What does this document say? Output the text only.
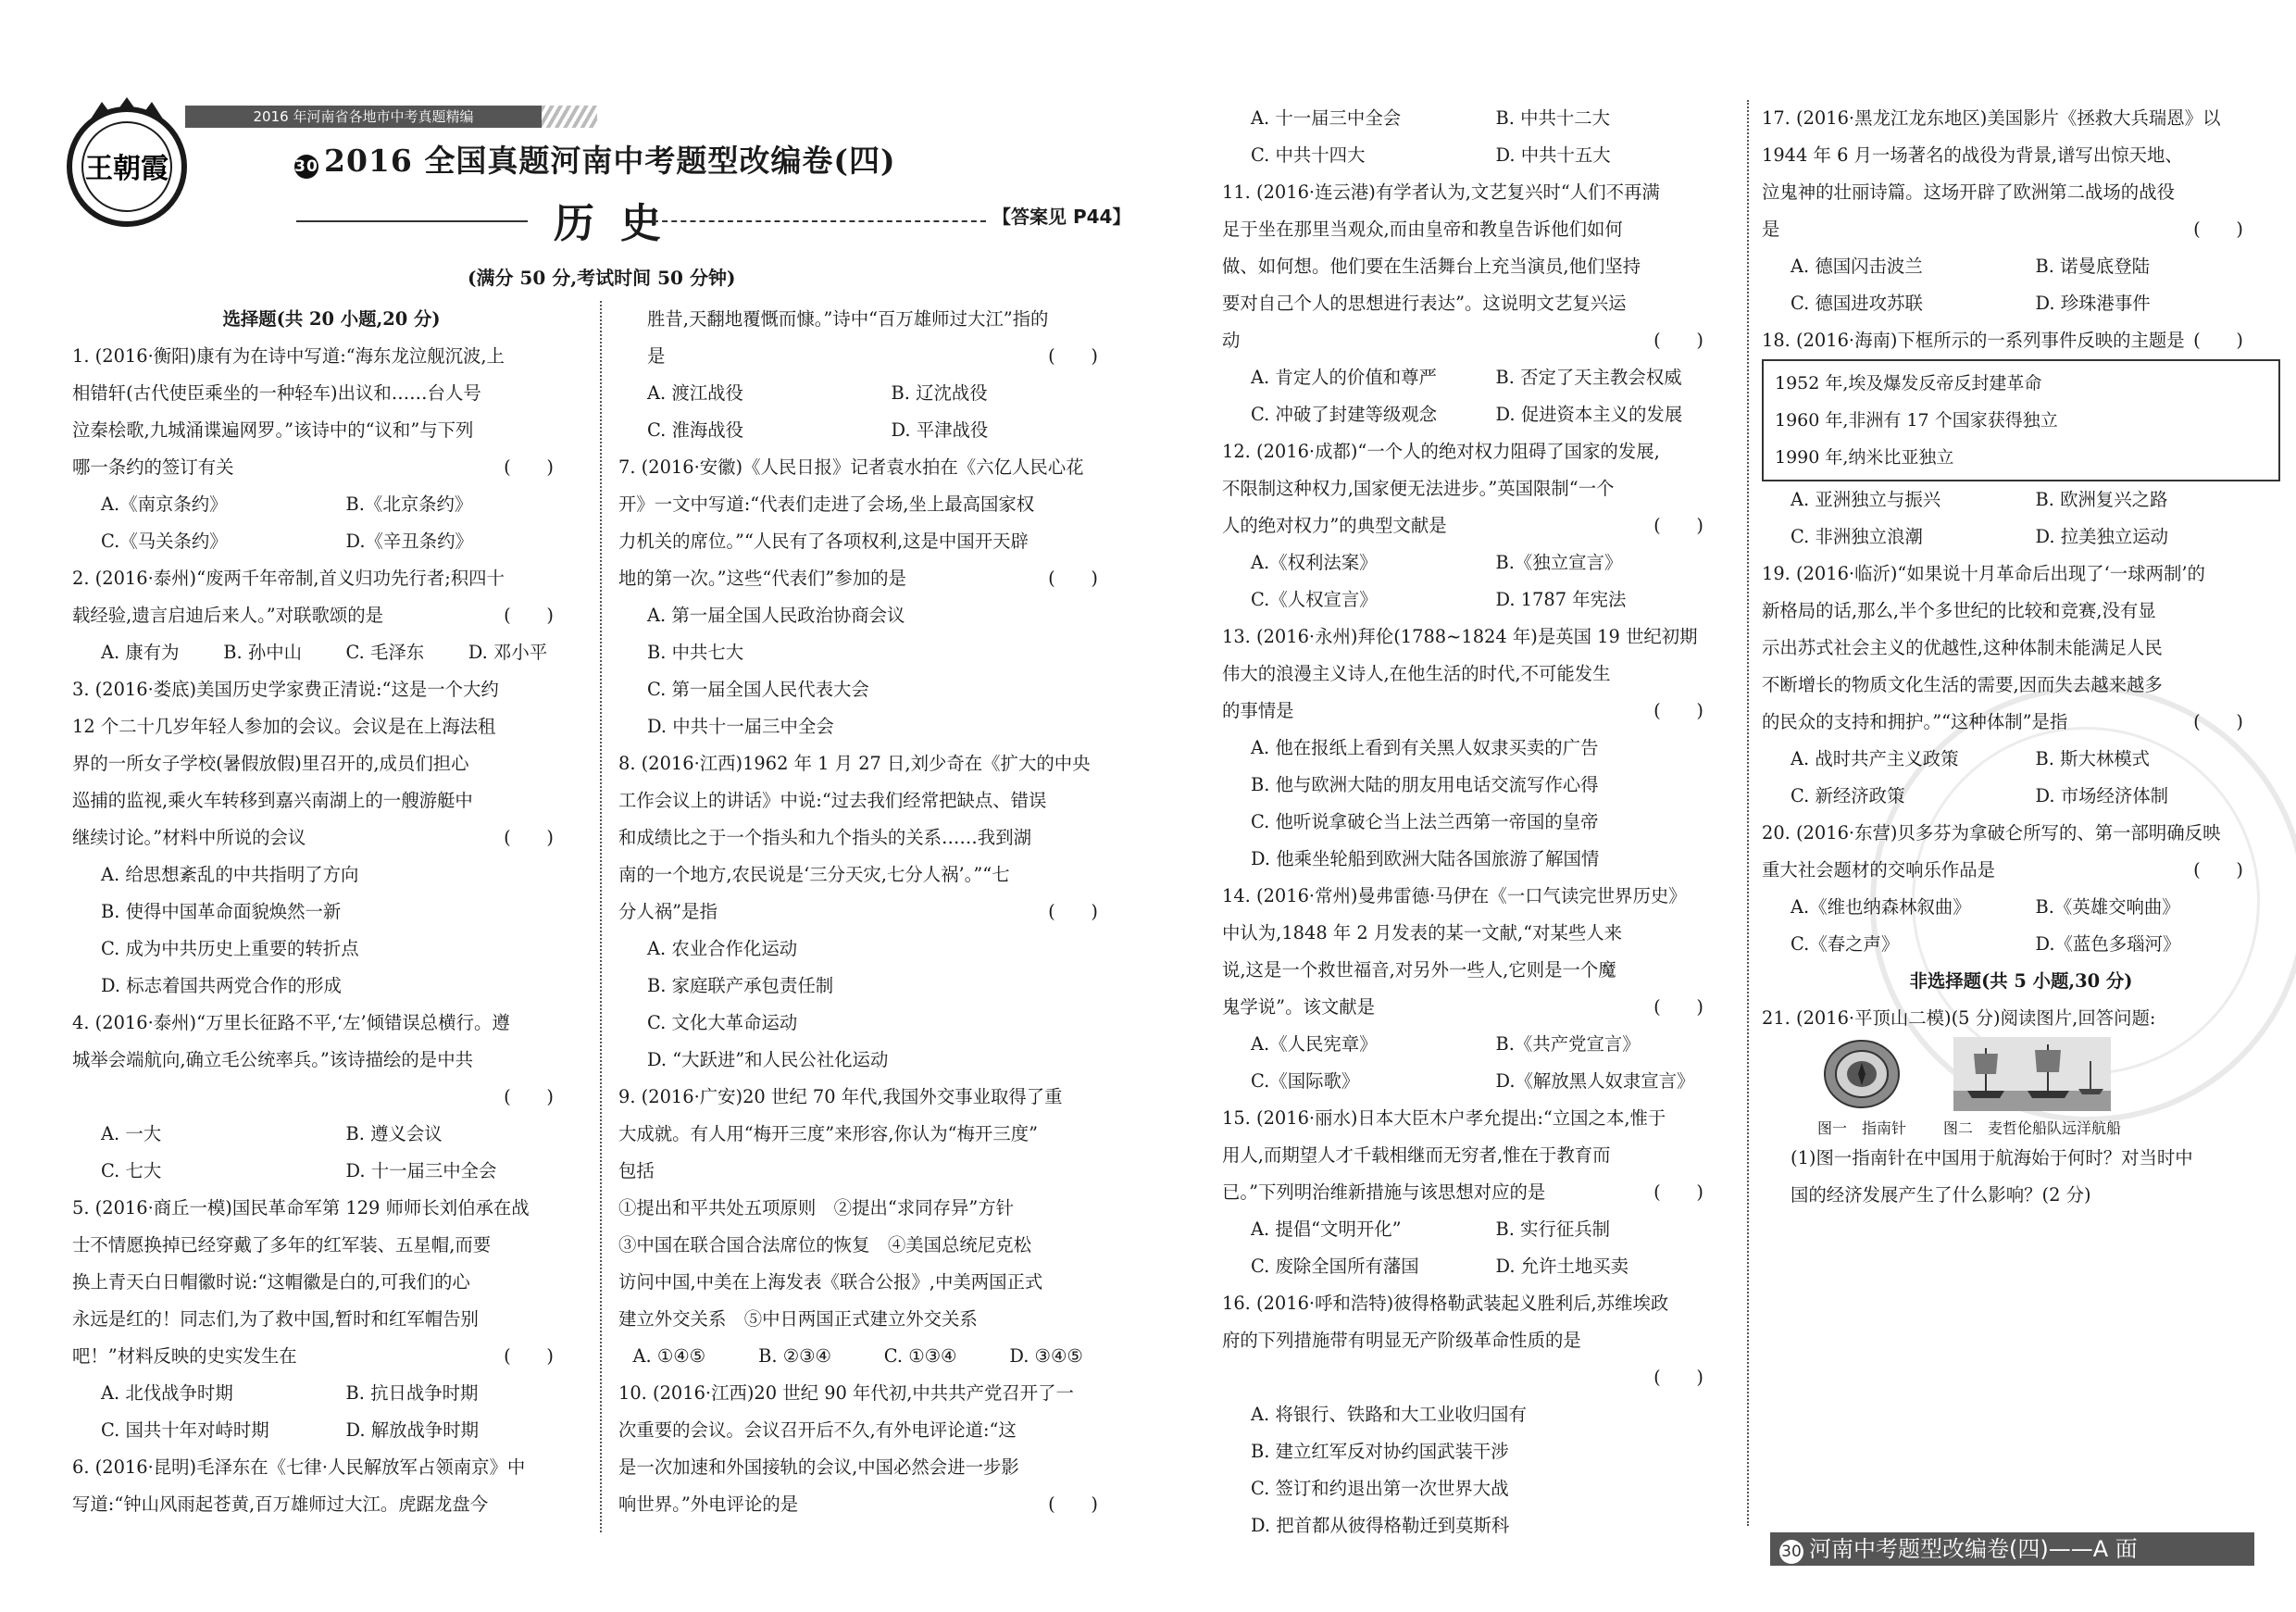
2016 年河南省各地市中考真题精编
王朝霞	30 2016 全国真题河南中考题型改编卷(四)
历史	【答案见 P44】
(满分 50 分,考试时间 50 分钟)
选择题(共 20 小题,20 分)
1. (2016·衡阳)康有为在诗中写道:“海东龙泣舰沉波,上
相错轩(古代使臣乘坐的一种轻车)出议和……台人号
泣秦桧歌,九城涌谍遍网罗。”该诗中的“议和”与下列
哪一条约的签订有关	(　　)
A.《南京条约》	B.《北京条约》
C.《马关条约》	D.《辛丑条约》
2. (2016·泰州)“废两千年帝制,首义归功先行者;积四十
载经验,遗言启迪后来人。”对联歌颂的是	(　　)
A. 康有为	B. 孙中山	C. 毛泽东	D. 邓小平
3. (2016·娄底)美国历史学家费正清说:“这是一个大约
12 个二十几岁年轻人参加的会议。会议是在上海法租
界的一所女子学校(暑假放假)里召开的,成员们担心
巡捕的监视,乘火车转移到嘉兴南湖上的一艘游艇中
继续讨论。”材料中所说的会议	(　　)
A. 给思想紊乱的中共指明了方向
B. 使得中国革命面貌焕然一新
C. 成为中共历史上重要的转折点
D. 标志着国共两党合作的形成
4. (2016·泰州)“万里长征路不平,‘左’倾错误总横行。遵
城举会端航向,确立毛公统率兵。”该诗描绘的是中共
(　　)
A. 一大	B. 遵义会议
C. 七大	D. 十一届三中全会
5. (2016·商丘一模)国民革命军第 129 师师长刘伯承在战
士不情愿换掉已经穿戴了多年的红军装、五星帽,而要
换上青天白日帽徽时说:“这帽徽是白的,可我们的心
永远是红的！同志们,为了救中国,暂时和红军帽告别
吧！”材料反映的史实发生在	(　　)
A. 北伐战争时期	B. 抗日战争时期
C. 国共十年对峙时期	D. 解放战争时期
6. (2016·昆明)毛泽东在《七律·人民解放军占领南京》中
写道:“钟山风雨起苍黄,百万雄师过大江。虎踞龙盘今
胜昔,天翻地覆慨而慷。”诗中“百万雄师过大江”指的
是	(　　)
A. 渡江战役	B. 辽沈战役
C. 淮海战役	D. 平津战役
7. (2016·安徽)《人民日报》记者袁水拍在《六亿人民心花
开》一文中写道:“代表们走进了会场,坐上最高国家权
力机关的席位。”“人民有了各项权利,这是中国开天辟
地的第一次。”这些“代表们”参加的是	(　　)
A. 第一届全国人民政治协商会议
B. 中共七大
C. 第一届全国人民代表大会
D. 中共十一届三中全会
8. (2016·江西)1962 年 1 月 27 日,刘少奇在《扩大的中央
工作会议上的讲话》中说:“过去我们经常把缺点、错误
和成绩比之于一个指头和九个指头的关系……我到湖
南的一个地方,农民说是‘三分天灾,七分人祸’。”“七
分人祸”是指	(　　)
A. 农业合作化运动
B. 家庭联产承包责任制
C. 文化大革命运动
D. “大跃进”和人民公社化运动
9. (2016·广安)20 世纪 70 年代,我国外交事业取得了重
大成就。有人用“梅开三度”来形容,你认为“梅开三度”
包括
①提出和平共处五项原则　②提出“求同存异”方针
③中国在联合国合法席位的恢复　④美国总统尼克松
访问中国,中美在上海发表《联合公报》,中美两国正式
建立外交关系　⑤中日两国正式建立外交关系
A. ①④⑤	B. ②③④	C. ①③④	D. ③④⑤
10. (2016·江西)20 世纪 90 年代初,中共共产党召开了一
次重要的会议。会议召开后不久,有外电评论道:“这
是一次加速和外国接轨的会议,中国必然会进一步影
响世界。”外电评论的是	(　　)
A. 十一届三中全会	B. 中共十二大
C. 中共十四大	D. 中共十五大
11. (2016·连云港)有学者认为,文艺复兴时“人们不再满
足于坐在那里当观众,而由皇帝和教皇告诉他们如何
做、如何想。他们要在生活舞台上充当演员,他们坚持
要对自己个人的思想进行表达”。这说明文艺复兴运
动	(　　)
A. 肯定人的价值和尊严	B. 否定了天主教会权威
C. 冲破了封建等级观念	D. 促进资本主义的发展
12. (2016·成都)“一个人的绝对权力阻碍了国家的发展,
不限制这种权力,国家便无法进步。”英国限制“一个
人的绝对权力”的典型文献是	(　　)
A.《权利法案》	B.《独立宣言》
C.《人权宣言》	D. 1787 年宪法
13. (2016·永州)拜伦(1788~1824 年)是英国 19 世纪初期
伟大的浪漫主义诗人,在他生活的时代,不可能发生
的事情是	(　　)
A. 他在报纸上看到有关黑人奴隶买卖的广告
B. 他与欧洲大陆的朋友用电话交流写作心得
C. 他听说拿破仑当上法兰西第一帝国的皇帝
D. 他乘坐轮船到欧洲大陆各国旅游了解国情
14. (2016·常州)曼弗雷德·马伊在《一口气读完世界历史》
中认为,1848 年 2 月发表的某一文献,“对某些人来
说,这是一个救世福音,对另外一些人,它则是一个魔
鬼学说”。该文献是	(　　)
A.《人民宪章》	B.《共产党宣言》
C.《国际歌》	D.《解放黑人奴隶宣言》
15. (2016·丽水)日本大臣木户孝允提出:“立国之本,惟于
用人,而期望人才千载相继而无穷者,惟在于教育而
已。”下列明治维新措施与该思想对应的是	(　　)
A. 提倡“文明开化”	B. 实行征兵制
C. 废除全国所有藩国	D. 允许土地买卖
16. (2016·呼和浩特)彼得格勒武装起义胜利后,苏维埃政
府的下列措施带有明显无产阶级革命性质的是
(　　)
A. 将银行、铁路和大工业收归国有
B. 建立红军反对协约国武装干涉
C. 签订和约退出第一次世界大战
D. 把首都从彼得格勒迁到莫斯科
17. (2016·黑龙江龙东地区)美国影片《拯救大兵瑞恩》以
1944 年 6 月一场著名的战役为背景,谱写出惊天地、
泣鬼神的壮丽诗篇。这场开辟了欧洲第二战场的战役
是	(　　)
A. 德国闪击波兰	B. 诺曼底登陆
C. 德国进攻苏联	D. 珍珠港事件
18. (2016·海南)下框所示的一系列事件反映的主题是 (　　)
1952 年,埃及爆发反帝反封建革命
1960 年,非洲有 17 个国家获得独立
1990 年,纳米比亚独立
A. 亚洲独立与振兴	B. 欧洲复兴之路
C. 非洲独立浪潮	D. 拉美独立运动
19. (2016·临沂)“如果说十月革命后出现了‘一球两制’的
新格局的话,那么,半个多世纪的比较和竞赛,没有显
示出苏式社会主义的优越性,这种体制未能满足人民
不断增长的物质文化生活的需要,因而失去越来越多
的民众的支持和拥护。”“这种体制”是指	(　　)
A. 战时共产主义政策	B. 斯大林模式
C. 新经济政策	D. 市场经济体制
20. (2016·东营)贝多芬为拿破仑所写的、第一部明确反映
重大社会题材的交响乐作品是	(　　)
A.《维也纳森林叙曲》	B.《英雄交响曲》
C.《春之声》	D.《蓝色多瑙河》
非选择题(共 5 小题,30 分)
21. (2016·平顶山二模)(5 分)阅读图片,回答问题:
图一　指南针	图二　麦哲伦船队远洋航船
(1)图一指南针在中国用于航海始于何时？对当时中
国的经济发展产生了什么影响？(2 分)
30 河南中考题型改编卷(四)——A 面
